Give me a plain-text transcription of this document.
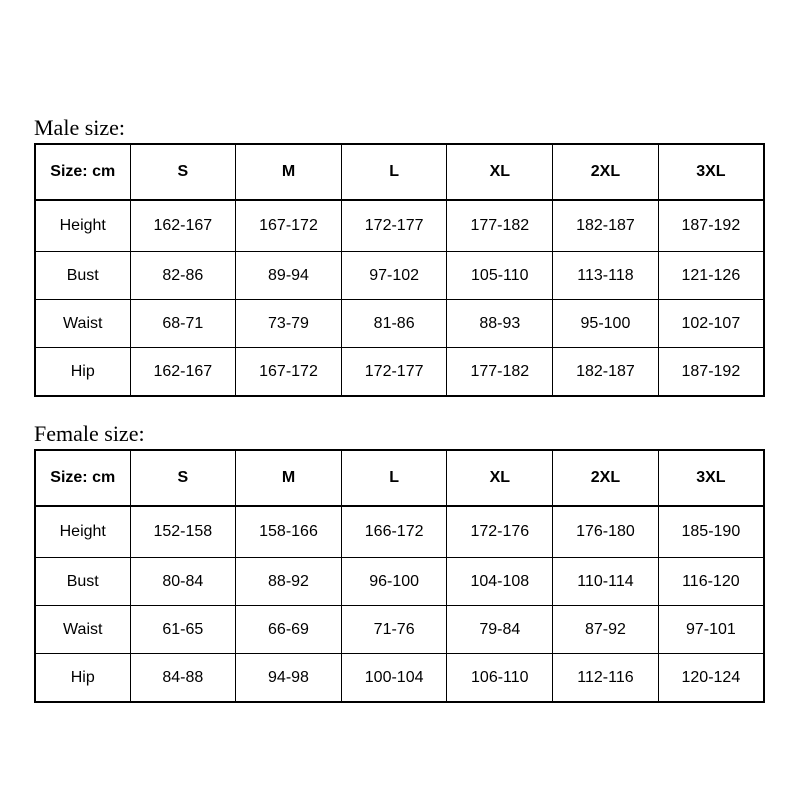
Male size:
Size: cm	S	M	L	XL	2XL	3XL
Height	162-167	167-172	172-177	177-182	182-187	187-192
Bust	82-86	89-94	97-102	105-110	113-118	121-126
Waist	68-71	73-79	81-86	88-93	95-100	102-107
Hip	162-167	167-172	172-177	177-182	182-187	187-192
Female size:
Size: cm	S	M	L	XL	2XL	3XL
Height	152-158	158-166	166-172	172-176	176-180	185-190
Bust	80-84	88-92	96-100	104-108	110-114	116-120
Waist	61-65	66-69	71-76	79-84	87-92	97-101
Hip	84-88	94-98	100-104	106-110	112-116	120-124
